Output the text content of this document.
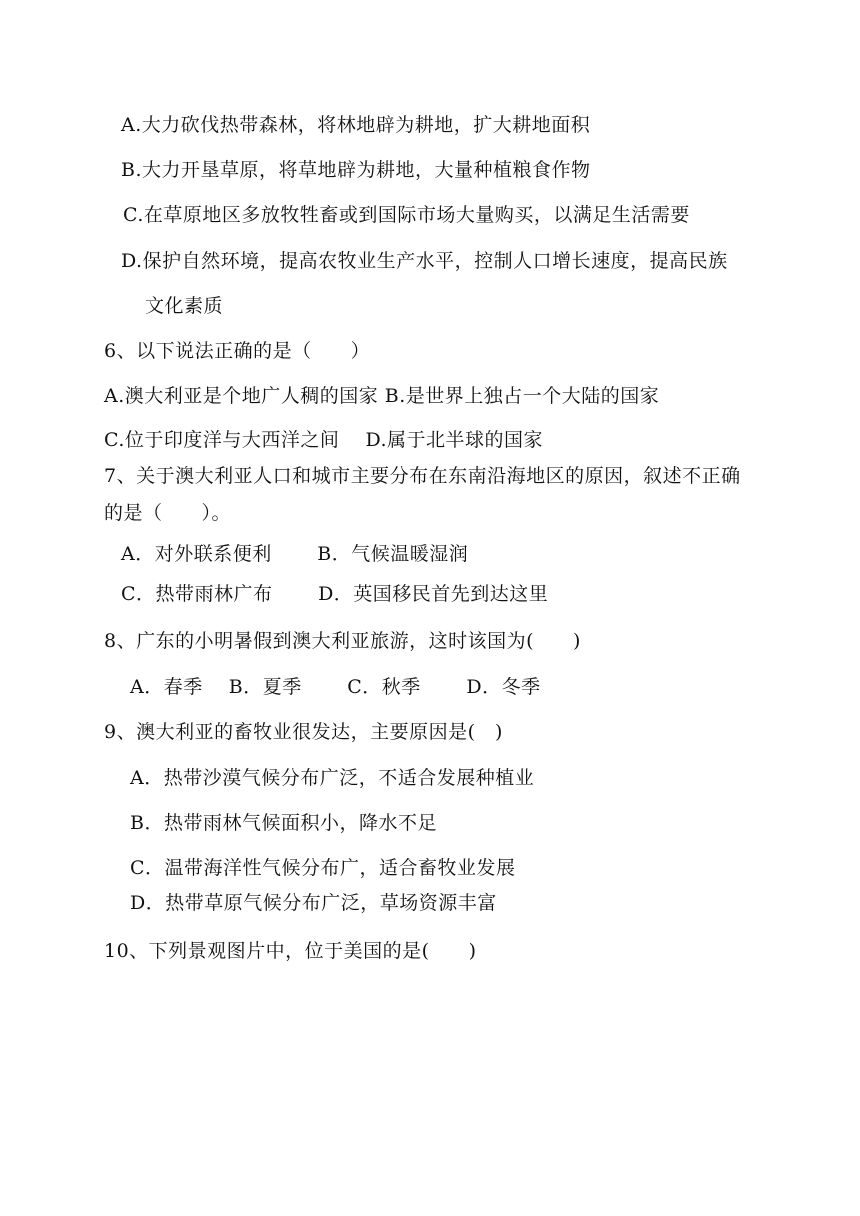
A.大力砍伐热带森林，将林地辟为耕地，扩大耕地面积
B.大力开垦草原，将草地辟为耕地，大量种植粮食作物
C.在草原地区多放牧牲畜或到国际市场大量购买，以满足生活需要
D.保护自然环境，提高农牧业生产水平，控制人口增长速度，提高民族
文化素质
6、以下说法正确的是（　　）
A.澳大利亚是个地广人稠的国家 B.是世界上独占一个大陆的国家
C.位于印度洋与大西洋之间　 D.属于北半球的国家
7、关于澳大利亚人口和城市主要分布在东南沿海地区的原因，叙述不正确
的是（　　）。
A．对外联系便利　　 B．气候温暖湿润
C．热带雨林广布　　 D．英国移民首先到达这里
8、广东的小明暑假到澳大利亚旅游，这时该国为(　　)
A．春季　 B．夏季　　 C．秋季　　 D．冬季
9、澳大利亚的畜牧业很发达，主要原因是(　)
A．热带沙漠气候分布广泛，不适合发展种植业
B．热带雨林气候面积小，降水不足
C．温带海洋性气候分布广，适合畜牧业发展
D．热带草原气候分布广泛，草场资源丰富
10、下列景观图片中，位于美国的是(　　)
